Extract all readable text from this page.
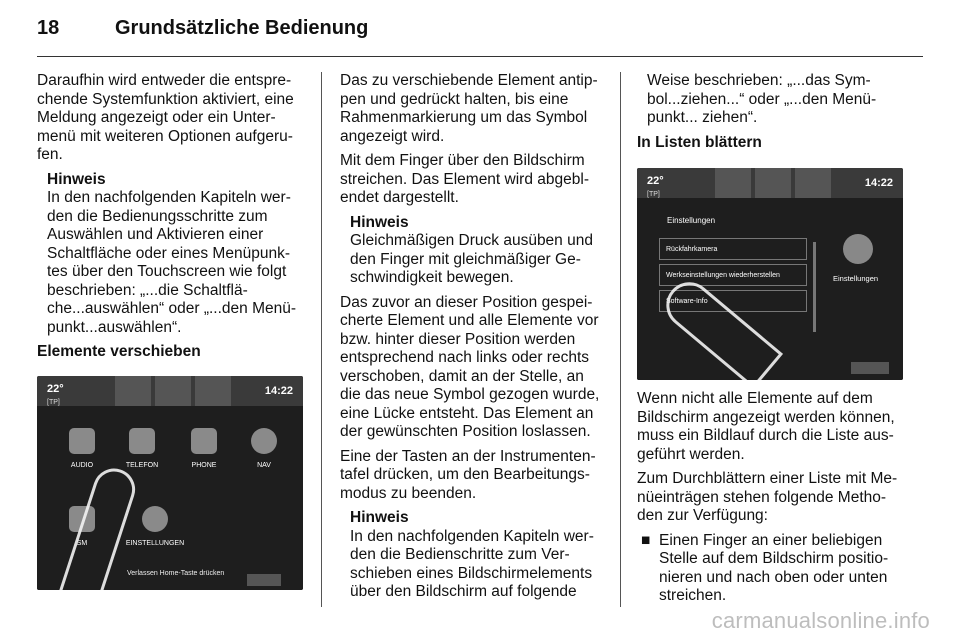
18	Grundsätzliche Bedienung

Daraufhin wird entweder die entsprechende Systemfunktion aktiviert, eine Meldung angezeigt oder ein Untermenü mit weiteren Optionen aufgerufen.

Hinweis
In den nachfolgenden Kapiteln werden die Bedienungsschritte zum Auswählen und Aktivieren einer Schaltfläche oder eines Menüpunktes über den Touchscreen wie folgt beschrieben: „...die Schaltfläche...auswählen“ oder „...den Menüpunkt...auswählen“.
Elemente verschieben
22°
[TP]
14:22
AUDIO	TELEFON	PHONE	NAV
SM	EINSTELLUNGEN
Verlassen Home-Taste drücken

Das zu verschiebende Element antippen und gedrückt halten, bis eine Rahmenmarkierung um das Symbol angezeigt wird.

Mit dem Finger über den Bildschirm streichen. Das Element wird abgeblendet dargestellt.

Hinweis
Gleichmäßigen Druck ausüben und den Finger mit gleichmäßiger Geschwindigkeit bewegen.

Das zuvor an dieser Position gespeicherte Element und alle Elemente vor bzw. hinter dieser Position werden entsprechend nach links oder rechts verschoben, damit an der Stelle, an die das neue Symbol gezogen wurde, eine Lücke entsteht. Das Element an der gewünschten Position loslassen.

Eine der Tasten an der Instrumententafel drücken, um den Bearbeitungsmodus zu beenden.

Hinweis
In den nachfolgenden Kapiteln werden die Bedienschritte zum Verschieben eines Bildschirmelements über den Bildschirm auf folgende

Weise beschrieben: „...das Symbol...ziehen...“ oder „...den Menüpunkt... ziehen“.

In Listen blättern
22°
[TP]
14:22
Einstellungen
Rückfahrkamera
Werkseinstellungen wiederherstellen
Software-Info
Einstellungen

Wenn nicht alle Elemente auf dem Bildschirm angezeigt werden können, muss ein Bildlauf durch die Liste ausgeführt werden.

Zum Durchblättern einer Liste mit Menüeinträgen stehen folgende Methoden zur Verfügung:

■ Einen Finger an einer beliebigen Stelle auf dem Bildschirm positionieren und nach oben oder unten streichen.
carmanualsonline.info
